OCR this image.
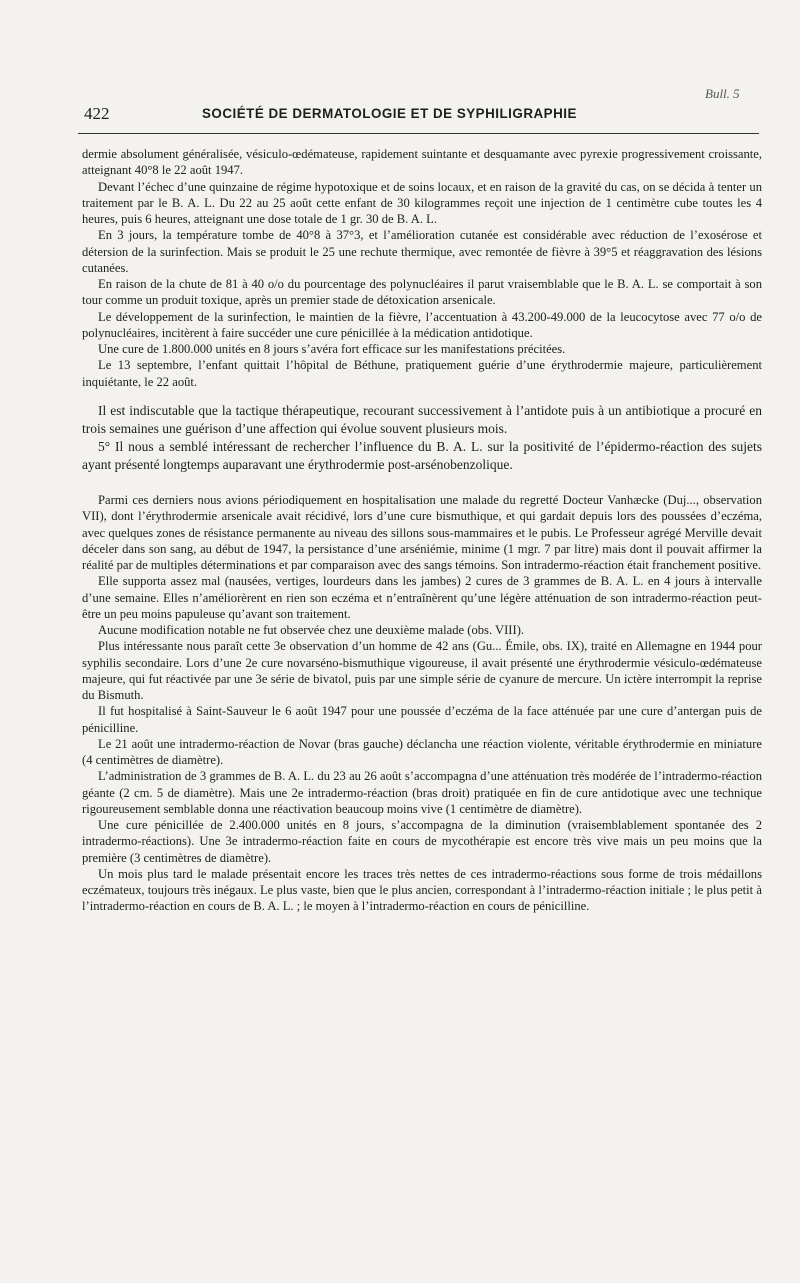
Bull. 5
422	SOCIÉTÉ DE DERMATOLOGIE ET DE SYPHILIGRAPHIE

dermie absolument généralisée, vésiculo-œdémateuse, rapidement suintante et desquamante avec pyrexie progressivement croissante, atteignant 40°8 le 22 août 1947.

Devant l’échec d’une quinzaine de régime hypotoxique et de soins locaux, et en raison de la gravité du cas, on se décida à tenter un traitement par le B. A. L. Du 22 au 25 août cette enfant de 30 kilogrammes reçoit une injection de 1 centimètre cube toutes les 4 heures, puis 6 heures, atteignant une dose totale de 1 gr. 30 de B. A. L.

En 3 jours, la température tombe de 40°8 à 37°3, et l’amélioration cutanée est considérable avec réduction de l’exosérose et détersion de la surinfection. Mais se produit le 25 une rechute thermique, avec remontée de fièvre à 39°5 et réaggravation des lésions cutanées.

En raison de la chute de 81 à 40 o/o du pourcentage des polynucléaires il parut vraisemblable que le B. A. L. se comportait à son tour comme un produit toxique, après un premier stade de détoxication arsenicale.

Le développement de la surinfection, le maintien de la fièvre, l’accentuation à 43.200-49.000 de la leucocytose avec 77 o/o de polynucléaires, incitèrent à faire succéder une cure pénicillée à la médication antidotique.

Une cure de 1.800.000 unités en 8 jours s’avéra fort efficace sur les manifestations précitées.

Le 13 septembre, l’enfant quittait l’hôpital de Béthune, pratiquement guérie d’une érythrodermie majeure, particulièrement inquiétante, le 22 août.

Il est indiscutable que la tactique thérapeutique, recourant successivement à l’antidote puis à un antibiotique a procuré en trois semaines une guérison d’une affection qui évolue souvent plusieurs mois.

5° Il nous a semblé intéressant de rechercher l’influence du B. A. L. sur la positivité de l’épidermo-réaction des sujets ayant présenté longtemps auparavant une érythrodermie post-arsénobenzolique.

Parmi ces derniers nous avions périodiquement en hospitalisation une malade du regretté Docteur Vanhæcke (Duj..., observation VII), dont l’érythrodermie arsenicale avait récidivé, lors d’une cure bismuthique, et qui gardait depuis lors des poussées d’eczéma, avec quelques zones de résistance permanente au niveau des sillons sous-mammaires et le pubis. Le Professeur agrégé Merville devait déceler dans son sang, au début de 1947, la persistance d’une arséniémie, minime (1 mgr. 7 par litre) mais dont il pouvait affirmer la réalité par de multiples déterminations et par comparaison avec des sangs témoins. Son intradermo-réaction était franchement positive.

Elle supporta assez mal (nausées, vertiges, lourdeurs dans les jambes) 2 cures de 3 grammes de B. A. L. en 4 jours à intervalle d’une semaine. Elles n’améliorèrent en rien son eczéma et n’entraînèrent qu’une légère atténuation de son intradermo-réaction peut-être un peu moins papuleuse qu’avant son traitement.

Aucune modification notable ne fut observée chez une deuxième malade (obs. VIII).

Plus intéressante nous paraît cette 3e observation d’un homme de 42 ans (Gu... Émile, obs. IX), traité en Allemagne en 1944 pour syphilis secondaire. Lors d’une 2e cure novarséno-bismuthique vigoureuse, il avait présenté une érythrodermie vésiculo-œdémateuse majeure, qui fut réactivée par une 3e série de bivatol, puis par une simple série de cyanure de mercure. Un ictère interrompit la reprise du Bismuth.

Il fut hospitalisé à Saint-Sauveur le 6 août 1947 pour une poussée d’eczéma de la face atténuée par une cure d’antergan puis de pénicilline.

Le 21 août une intradermo-réaction de Novar (bras gauche) déclancha une réaction violente, véritable érythrodermie en miniature (4 centimètres de diamètre).

L’administration de 3 grammes de B. A. L. du 23 au 26 août s’accompagna d’une atténuation très modérée de l’intradermo-réaction géante (2 cm. 5 de diamètre). Mais une 2e intradermo-réaction (bras droit) pratiquée en fin de cure antidotique avec une technique rigoureusement semblable donna une réactivation beaucoup moins vive (1 centimètre de diamètre).

Une cure pénicillée de 2.400.000 unités en 8 jours, s’accompagna de la diminution (vraisemblablement spontanée des 2 intradermo-réactions). Une 3e intradermo-réaction faite en cours de mycothérapie est encore très vive mais un peu moins que la première (3 centimètres de diamètre).

Un mois plus tard le malade présentait encore les traces très nettes de ces intradermo-réactions sous forme de trois médaillons eczémateux, toujours très inégaux. Le plus vaste, bien que le plus ancien, correspondant à l’intradermo-réaction initiale ; le plus petit à l’intradermo-réaction en cours de B. A. L. ; le moyen à l’intradermo-réaction en cours de pénicilline.
